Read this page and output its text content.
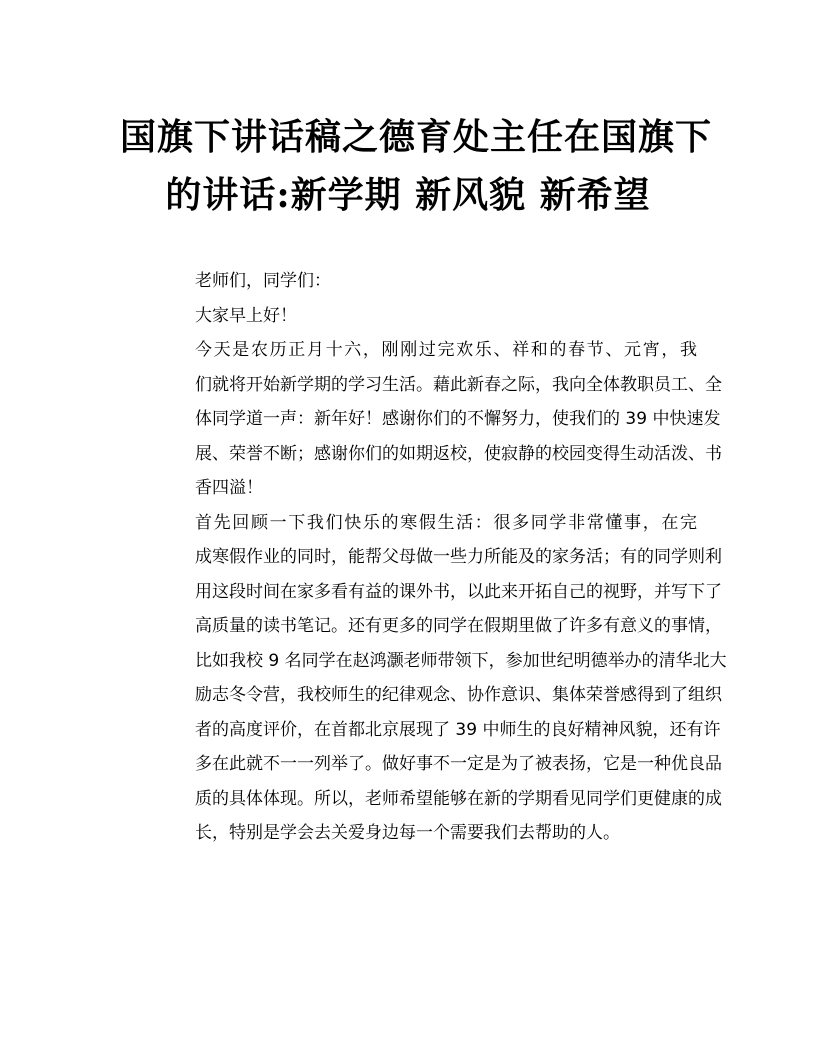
国旗下讲话稿之德育处主任在国旗下
的讲话:新学期 新风貌 新希望

老师们，同学们：

大家早上好！

今天是农历正月十六，刚刚过完欢乐、祥和的春节、元宵，我
们就将开始新学期的学习生活。藉此新春之际，我向全体教职员工、全
体同学道一声：新年好！感谢你们的不懈努力，使我们的 39 中快速发
展、荣誉不断；感谢你们的如期返校，使寂静的校园变得生动活泼、书
香四溢！

首先回顾一下我们快乐的寒假生活：很多同学非常懂事，在完
成寒假作业的同时，能帮父母做一些力所能及的家务活；有的同学则利
用这段时间在家多看有益的课外书，以此来开拓自己的视野，并写下了
高质量的读书笔记。还有更多的同学在假期里做了许多有意义的事情，
比如我校 9 名同学在赵鸿灏老师带领下，参加世纪明德举办的清华北大
励志冬令营，我校师生的纪律观念、协作意识、集体荣誉感得到了组织
者的高度评价，在首都北京展现了 39 中师生的良好精神风貌，还有许
多在此就不一一列举了。做好事不一定是为了被表扬，它是一种优良品
质的具体体现。所以，老师希望能够在新的学期看见同学们更健康的成
长，特别是学会去关爱身边每一个需要我们去帮助的人。
